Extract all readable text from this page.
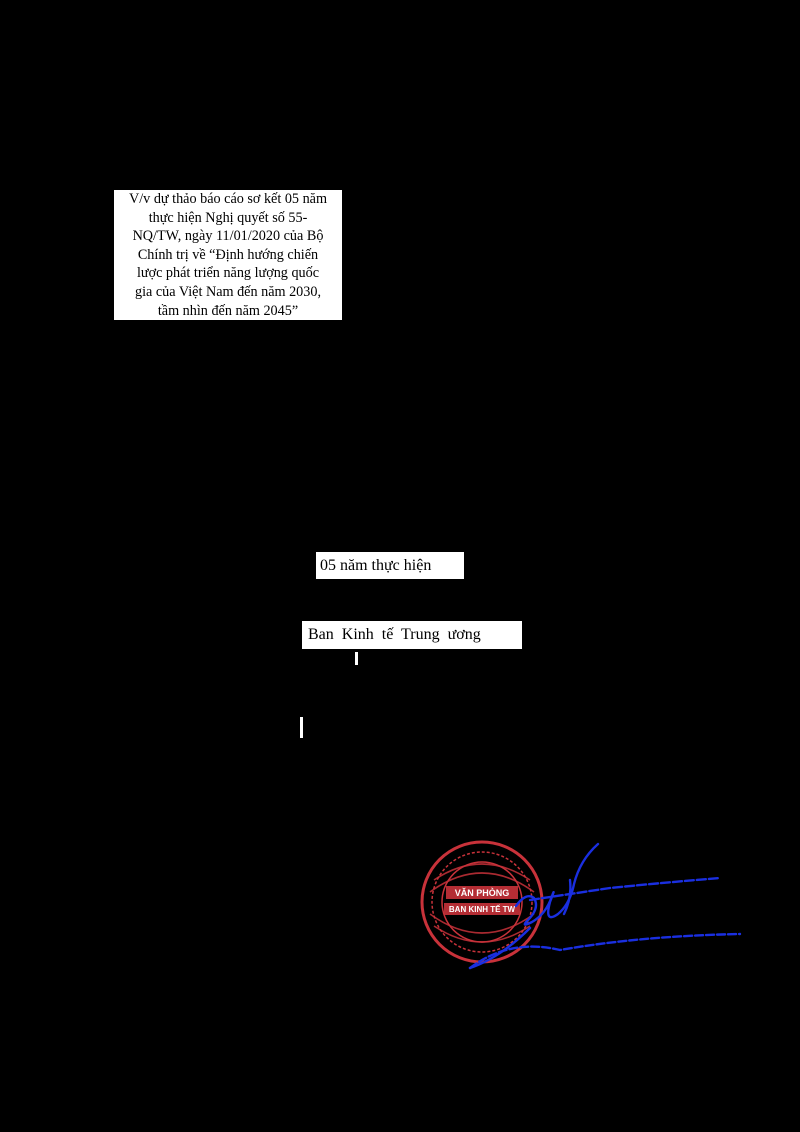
V/v dự thảo báo cáo sơ kết 05 năm
thực hiện Nghị quyết số 55-
NQ/TW, ngày 11/01/2020 của Bộ
Chính trị về “Định hướng chiến
lược phát triển năng lượng quốc
gia của Việt Nam đến năm 2030,
tầm nhìn đến năm 2045”
05 năm thực hiện
Ban Kinh tế Trung ương
VĂN PHÒNG
BAN KINH TẾ TW
